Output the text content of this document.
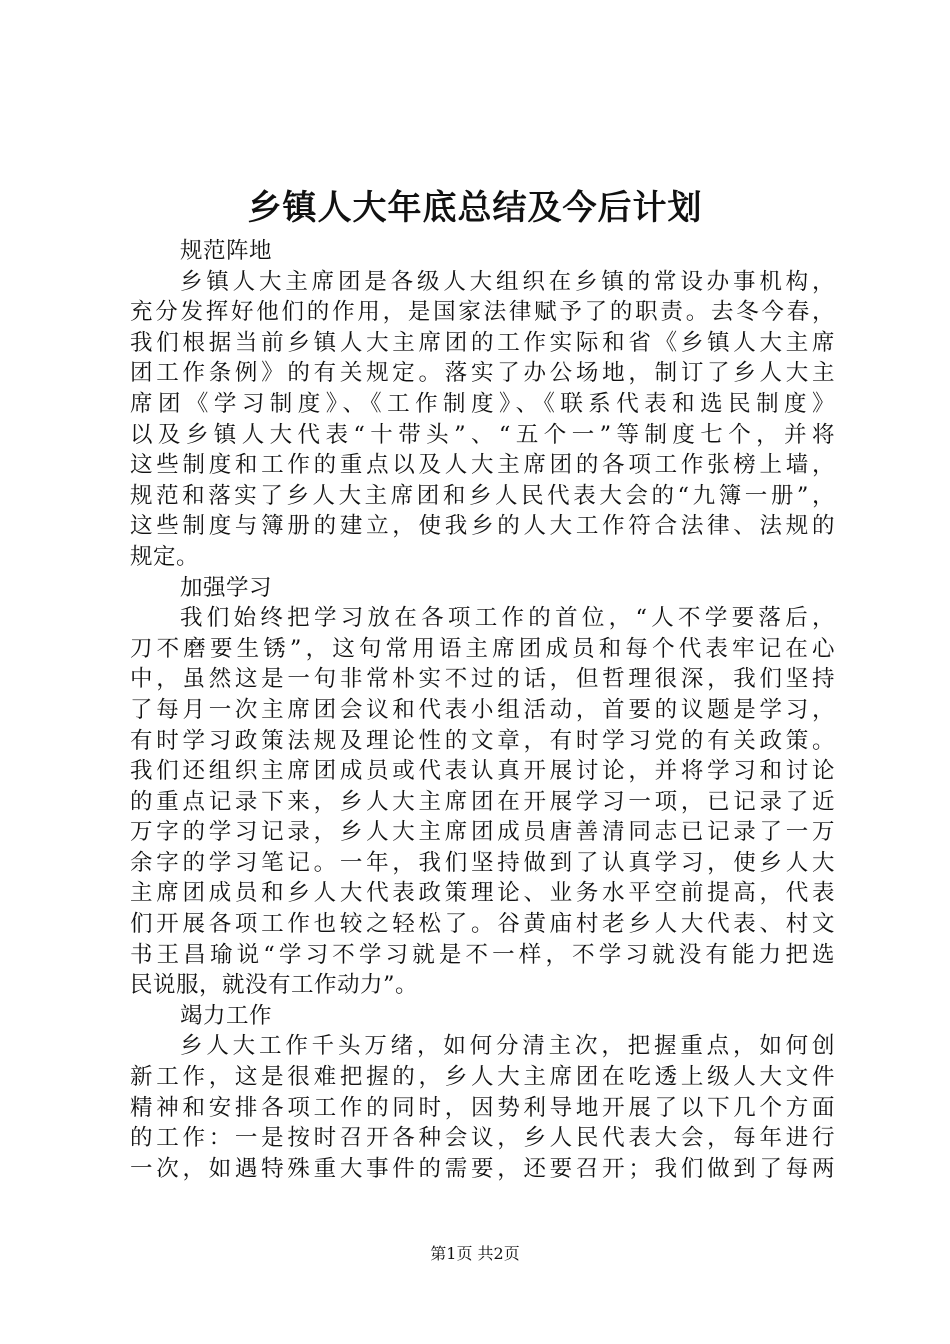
乡镇人大年底总结及今后计划
规范阵地
乡镇人大主席团是各级人大组织在乡镇的常设办事机构，
充分发挥好他们的作用，是国家法律赋予了的职责。去冬今春，
我们根据当前乡镇人大主席团的工作实际和省《乡镇人大主席
团工作条例》的有关规定。落实了办公场地，制订了乡人大主
席团《学习制度》、《工作制度》、《联系代表和选民制度》
以及乡镇人大代表“十带头”、“五个一”等制度七个，并将
这些制度和工作的重点以及人大主席团的各项工作张榜上墙，
规范和落实了乡人大主席团和乡人民代表大会的“九簿一册”，
这些制度与簿册的建立，使我乡的人大工作符合法律、法规的
规定。
加强学习
我们始终把学习放在各项工作的首位，“人不学要落后，
刀不磨要生锈”，这句常用语主席团成员和每个代表牢记在心
中，虽然这是一句非常朴实不过的话，但哲理很深，我们坚持
了每月一次主席团会议和代表小组活动，首要的议题是学习，
有时学习政策法规及理论性的文章，有时学习党的有关政策。
我们还组织主席团成员或代表认真开展讨论，并将学习和讨论
的重点记录下来，乡人大主席团在开展学习一项，已记录了近
万字的学习记录，乡人大主席团成员唐善清同志已记录了一万
余字的学习笔记。一年，我们坚持做到了认真学习，使乡人大
主席团成员和乡人大代表政策理论、业务水平空前提高，代表
们开展各项工作也较之轻松了。谷黄庙村老乡人大代表、村文
书王昌瑜说“学习不学习就是不一样，不学习就没有能力把选
民说服，就没有工作动力”。
竭力工作
乡人大工作千头万绪，如何分清主次，把握重点，如何创
新工作，这是很难把握的，乡人大主席团在吃透上级人大文件
精神和安排各项工作的同时，因势利导地开展了以下几个方面
的工作：一是按时召开各种会议，乡人民代表大会，每年进行
一次，如遇特殊重大事件的需要，还要召开；我们做到了每两
第1页 共2页
